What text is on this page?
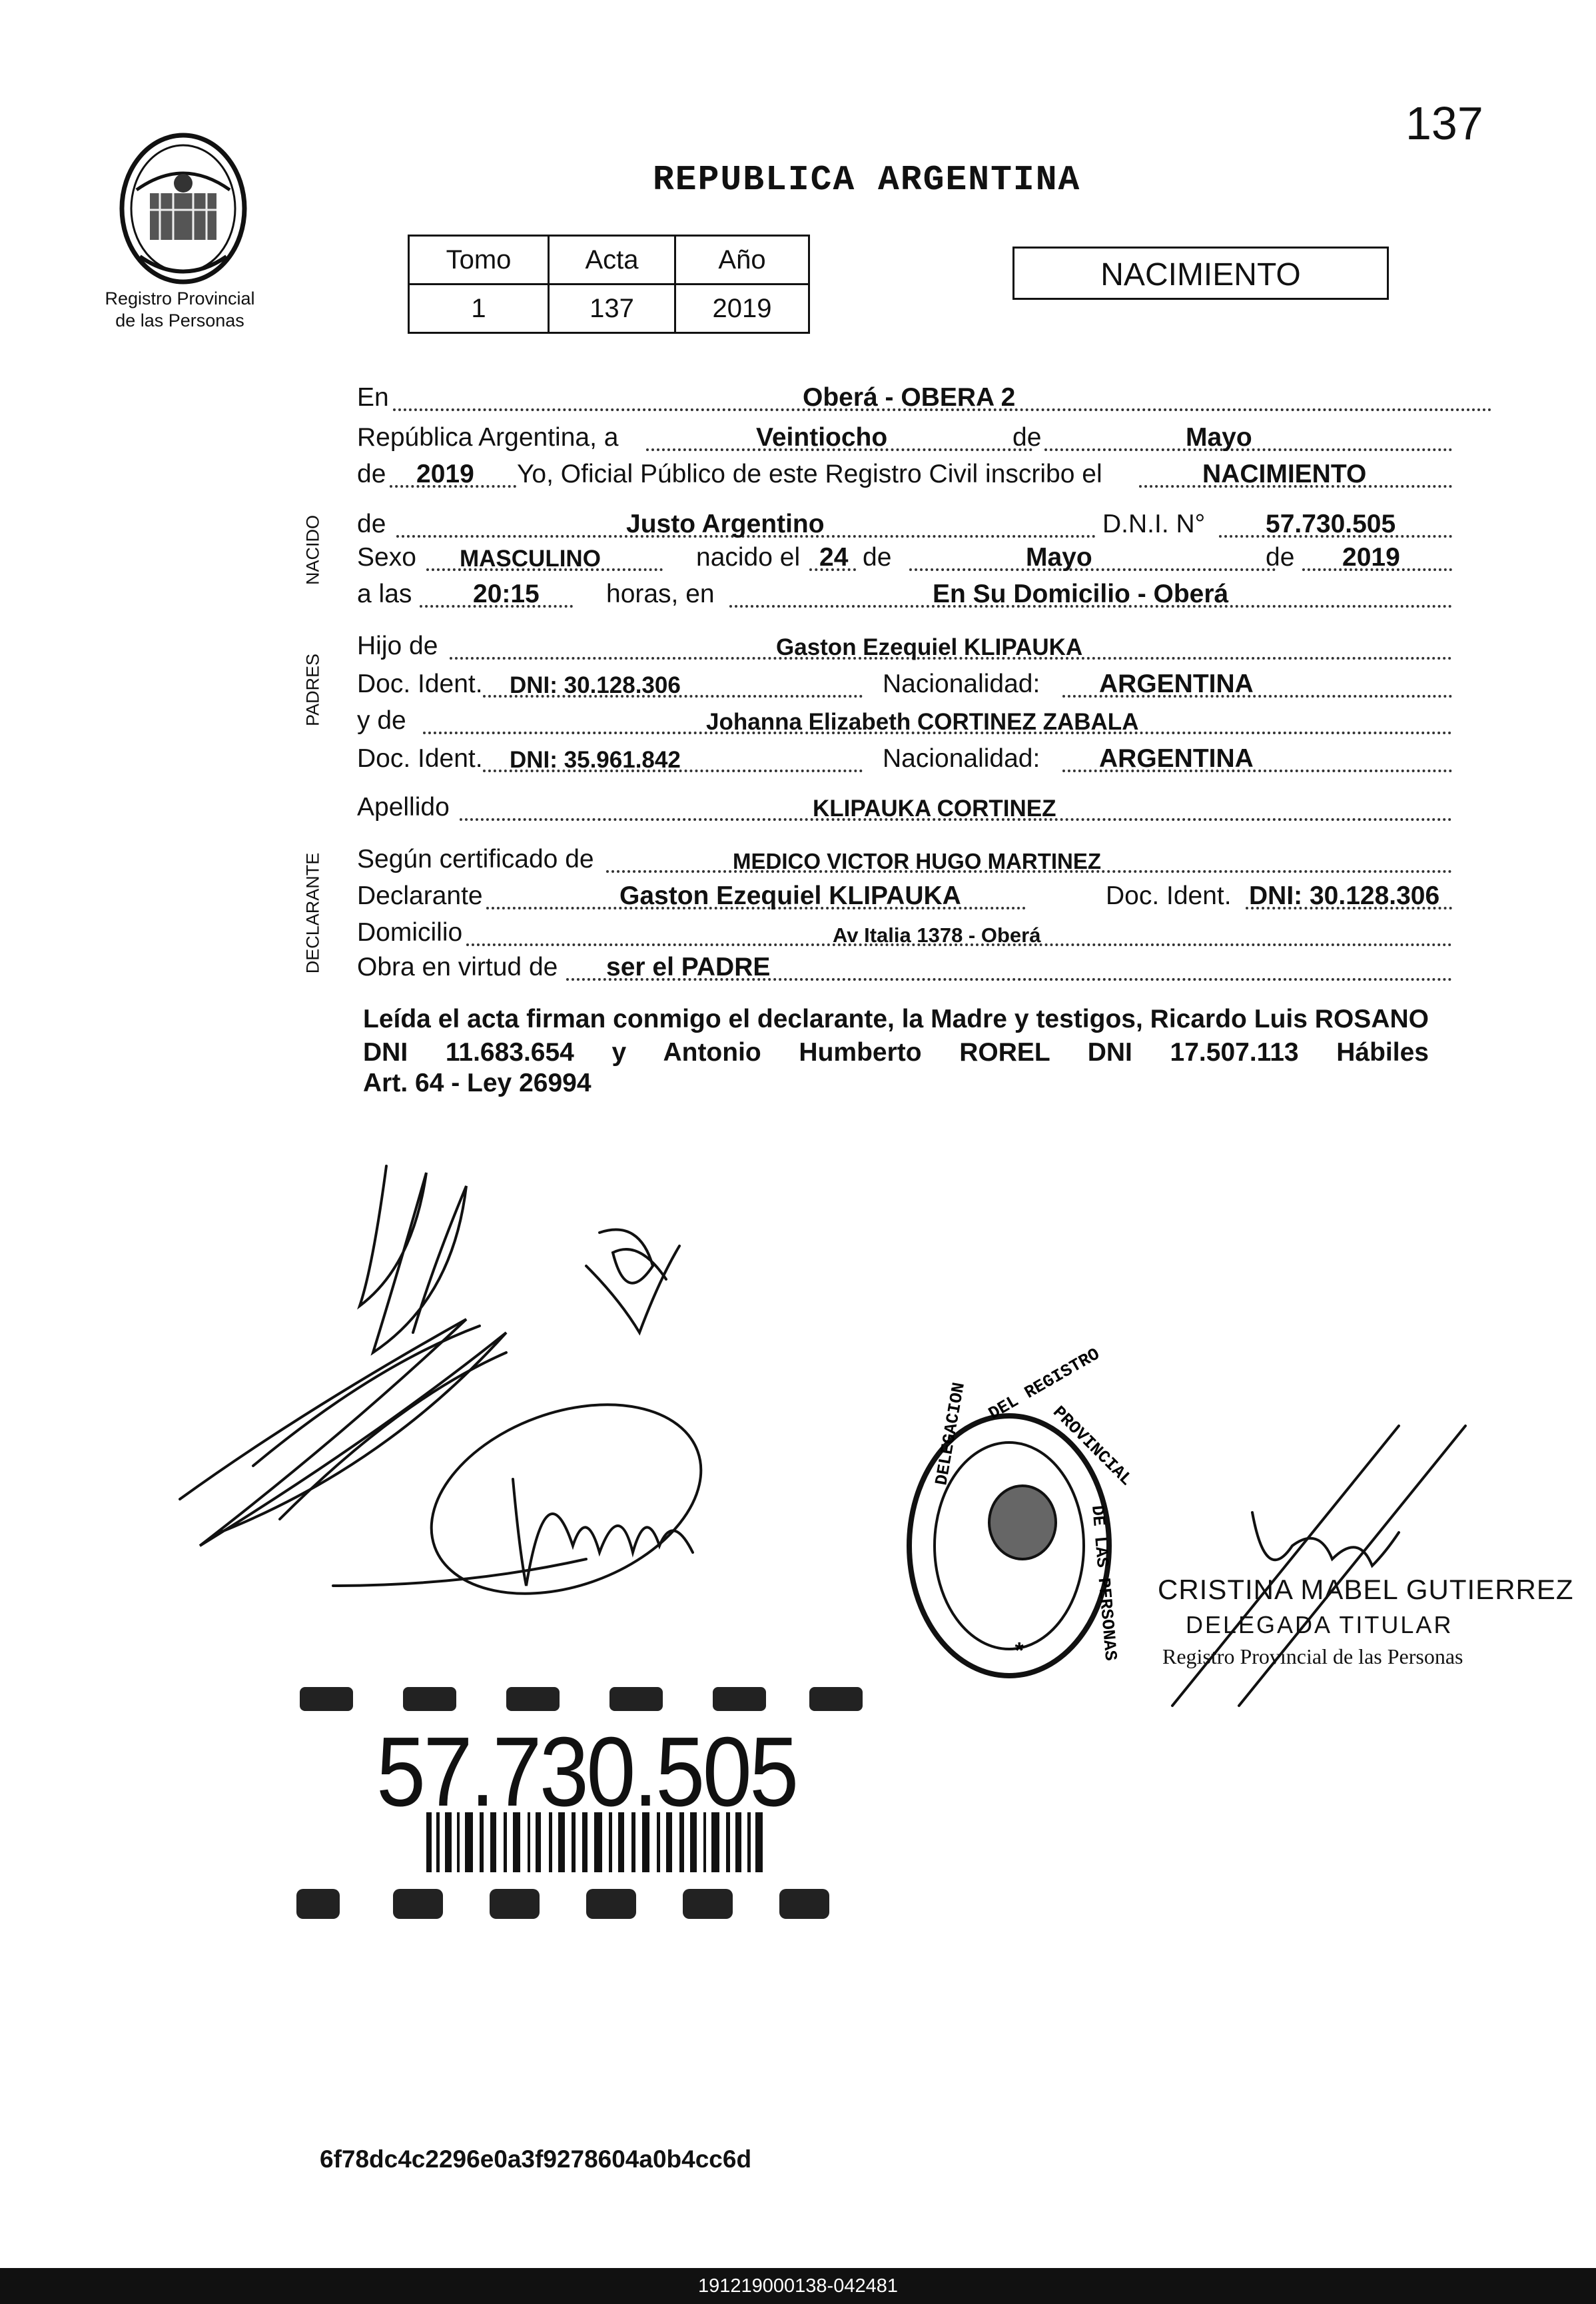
137
Registro Provincial
de las Personas
REPUBLICA ARGENTINA
Tomo	Acta	Año
1	137	2019
NACIMIENTO
NACIDO
PADRES
DECLARANTE
En	Oberá - OBERA 2
República Argentina, a	Veintiocho	de	Mayo
de 2019 Yo, Oficial Público de este Registro Civil inscribo el	NACIMIENTO
de	Justo Argentino	D.N.I. N° 57.730.505
Sexo MASCULINO	nacido el 24 de	Mayo	de 2019
a las 20:15	horas, en	En Su Domicilio - Oberá
Hijo de	Gaston Ezequiel KLIPAUKA
Doc. Ident. DNI: 30.128.306	Nacionalidad: ARGENTINA
y de	Johanna Elizabeth CORTINEZ ZABALA
Doc. Ident. DNI: 35.961.842	Nacionalidad: ARGENTINA
Apellido	KLIPAUKA CORTINEZ
Según certificado de	MEDICO VICTOR HUGO MARTINEZ
Declarante	Gaston Ezequiel KLIPAUKA	Doc. Ident. DNI: 30.128.306
Domicilio	Av Italia 1378 - Oberá
Obra en virtud de ser el PADRE
Leída el acta firman conmigo el declarante, la Madre y testigos, Ricardo Luis ROSANO DNI 11.683.654 y Antonio Humberto ROREL DNI 17.507.113 Hábiles
Art. 64 - Ley 26994
DELEGACION DEL REGISTRO
PROVINCIAL
DE LAS PERSONAS
*
CRISTINA MABEL GUTIERREZ
DELEGADA TITULAR
Registro Provincial de las Personas
57.730.505
6f78dc4c2296e0a3f9278604a0b4cc6d
191219000138-042481
